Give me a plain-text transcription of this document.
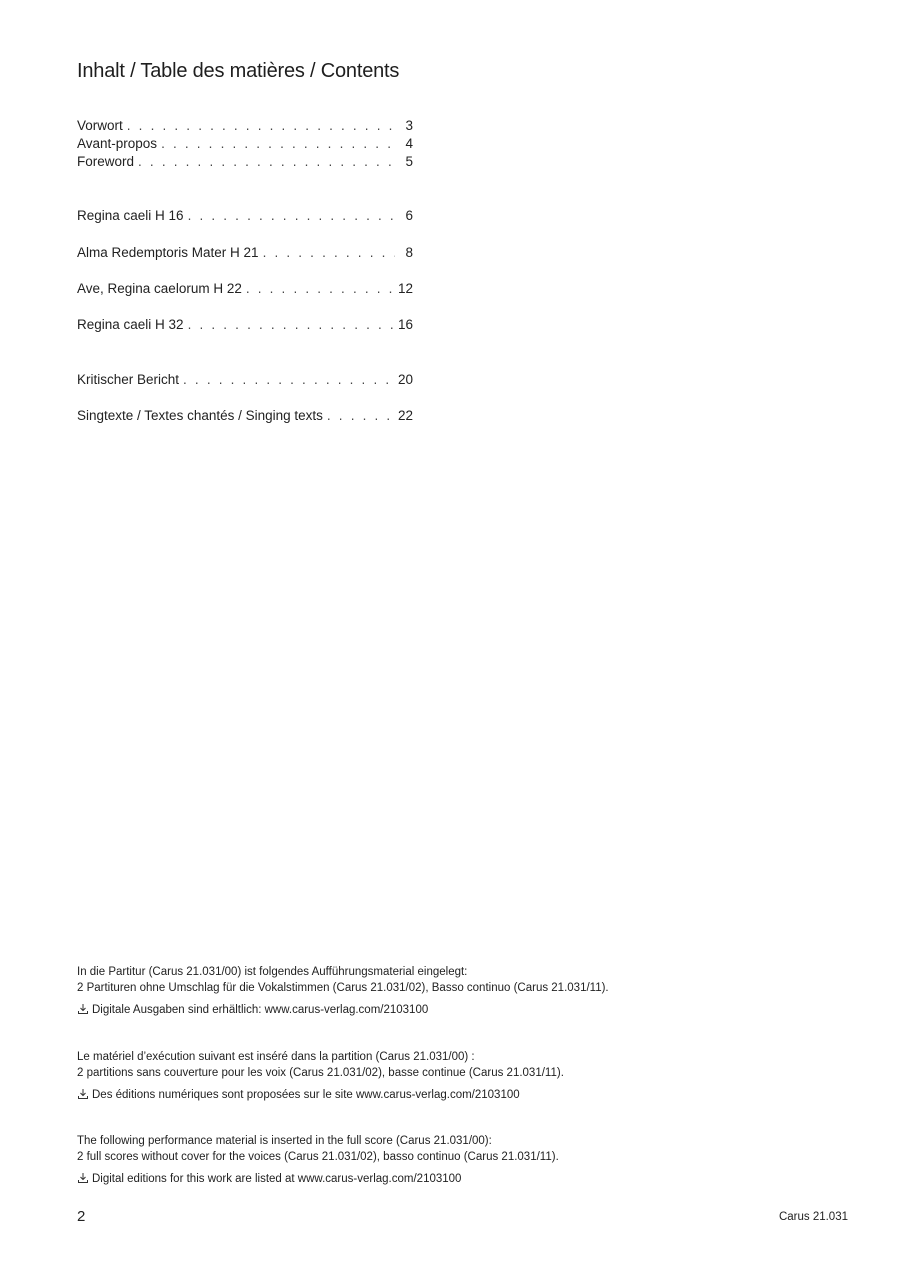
Inhalt / Table des matières / Contents
Vorwort . . .	3
Avant-propos . . .	4
Foreword . . .	5
Regina caeli H 16 . . .	6
Alma Redemptoris Mater H 21 . . .	8
Ave, Regina caelorum H 22 . . .	12
Regina caeli H 32 . . .	16
Kritischer Bericht . . .	20
Singtexte / Textes chantés / Singing texts . . .	22
In die Partitur (Carus 21.031/00) ist folgendes Aufführungsmaterial eingelegt:
2 Partituren ohne Umschlag für die Vokalstimmen (Carus 21.031/02), Basso continuo (Carus 21.031/11).
Digitale Ausgaben sind erhältlich: www.carus-verlag.com/2103100
Le matériel d’exécution suivant est inséré dans la partition (Carus 21.031/00) :
2 partitions sans couverture pour les voix (Carus 21.031/02), basse continue (Carus 21.031/11).
Des éditions numériques sont proposées sur le site www.carus-verlag.com/2103100
The following performance material is inserted in the full score (Carus 21.031/00):
2 full scores without cover for the voices (Carus 21.031/02), basso continuo (Carus 21.031/11).
Digital editions for this work are listed at www.carus-verlag.com/2103100
2	Carus 21.031
